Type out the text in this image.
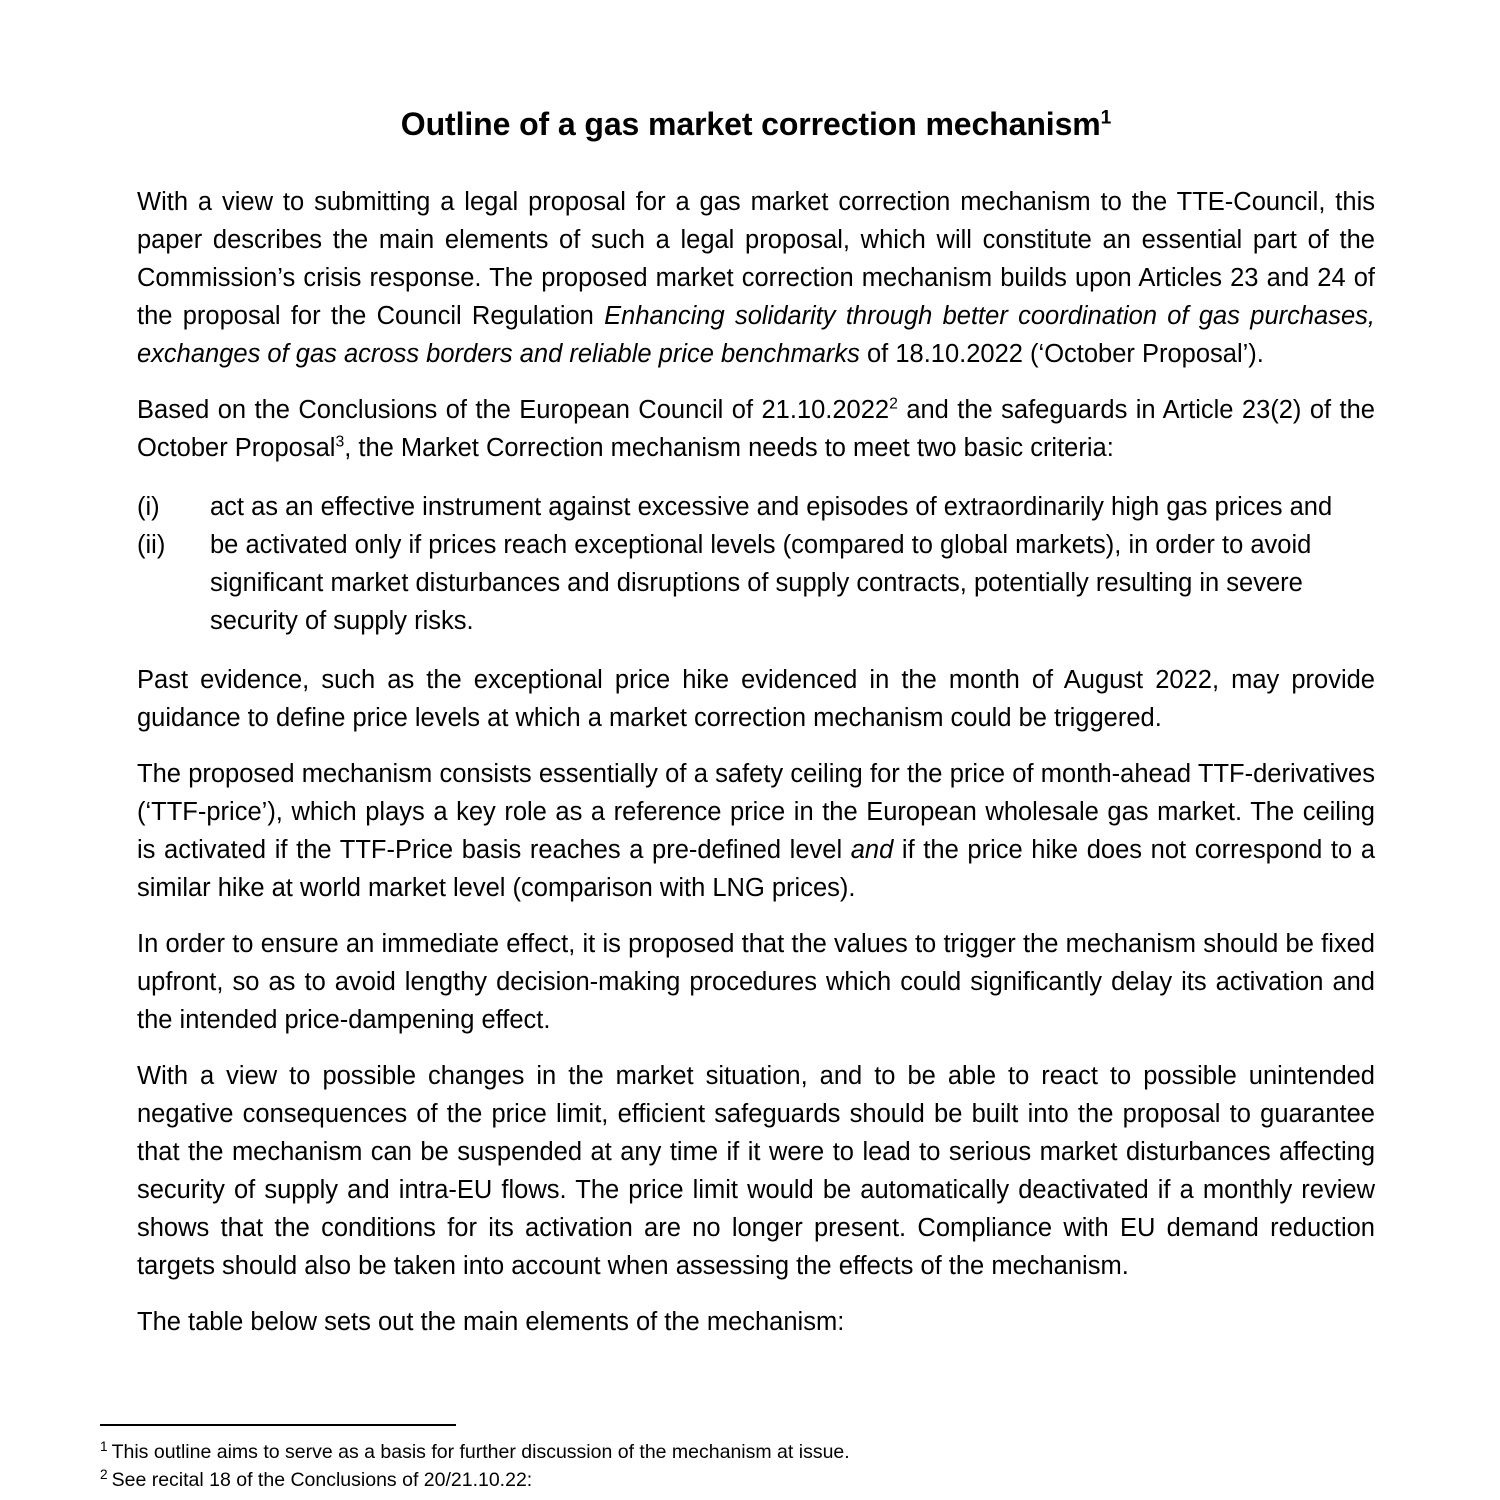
Outline of a gas market correction mechanism$^1$

With a view to submitting a legal proposal for a gas market correction mechanism to the TTE-Council, this paper describes the main elements of such a legal proposal, which will constitute an essential part of the Commission’s crisis response. The proposed market correction mechanism builds upon Articles 23 and 24 of the proposal for the Council Regulation Enhancing solidarity through better coordination of gas purchases, exchanges of gas across borders and reliable price benchmarks of 18.10.2022 (‘October Proposal’).

Based on the Conclusions of the European Council of 21.10.2022$^2$ and the safeguards in Article 23(2) of the October Proposal$^3$, the Market Correction mechanism needs to meet two basic criteria:

(i)	act as an effective instrument against excessive and episodes of extraordinarily high gas prices and
(ii)	be activated only if prices reach exceptional levels (compared to global markets), in order to avoid significant market disturbances and disruptions of supply contracts, potentially resulting in severe security of supply risks.

Past evidence, such as the exceptional price hike evidenced in the month of August 2022, may provide guidance to define price levels at which a market correction mechanism could be triggered.

The proposed mechanism consists essentially of a safety ceiling for the price of month-ahead TTF-derivatives (‘TTF-price’), which plays a key role as a reference price in the European wholesale gas market. The ceiling is activated if the TTF-Price basis reaches a pre-defined level and if the price hike does not correspond to a similar hike at world market level (comparison with LNG prices).

In order to ensure an immediate effect, it is proposed that the values to trigger the mechanism should be fixed upfront, so as to avoid lengthy decision-making procedures which could significantly delay its activation and the intended price-dampening effect.

With a view to possible changes in the market situation, and to be able to react to possible unintended negative consequences of the price limit, efficient safeguards should be built into the proposal to guarantee that the mechanism can be suspended at any time if it were to lead to serious market disturbances affecting security of supply and intra-EU flows. The price limit would be automatically deactivated if a monthly review shows that the conditions for its activation are no longer present. Compliance with EU demand reduction targets should also be taken into account when assessing the effects of the mechanism.

The table below sets out the main elements of the mechanism:

$^1$ This outline aims to serve as a basis for further discussion of the mechanism at issue.

$^2$ See recital 18 of the Conclusions of 20/21.10.22:
